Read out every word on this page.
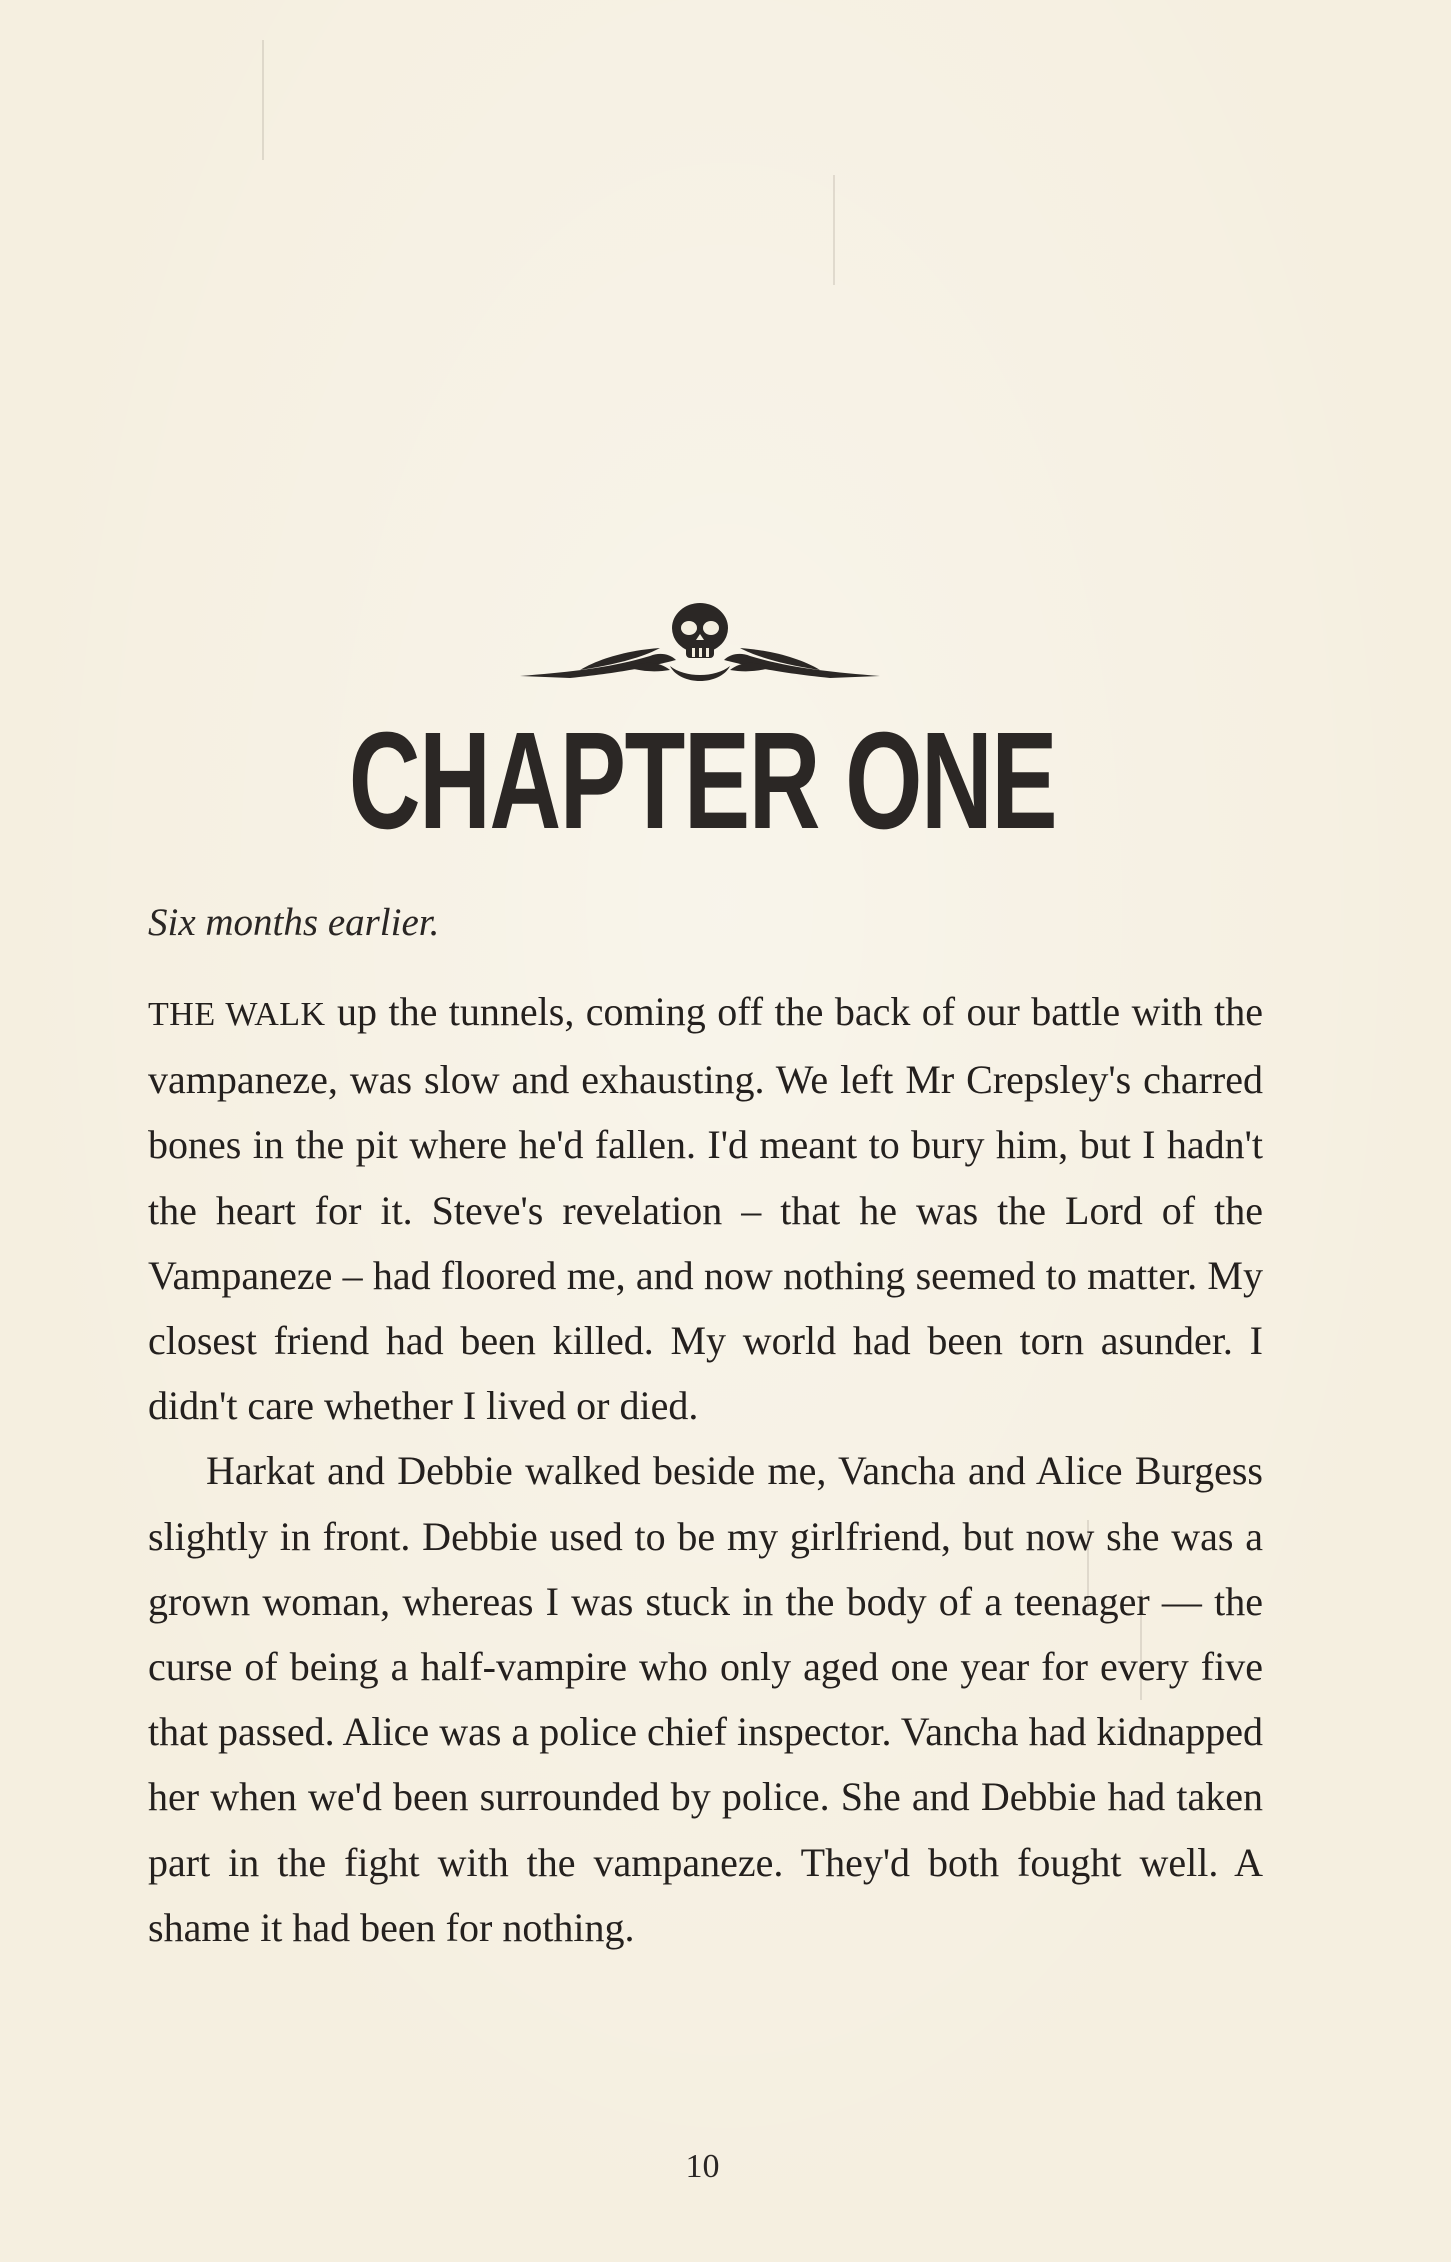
CHAPTER ONE
Six months earlier.

THE WALK up the tunnels, coming off the back of our battle with the vampaneze, was slow and exhausting. We left Mr Crepsley's charred bones in the pit where he'd fallen. I'd meant to bury him, but I hadn't the heart for it. Steve's revelation – that he was the Lord of the Vampaneze – had floored me, and now nothing seemed to matter. My closest friend had been killed. My world had been torn asunder. I didn't care whether I lived or died.

Harkat and Debbie walked beside me, Vancha and Alice Burgess slightly in front. Debbie used to be my girlfriend, but now she was a grown woman, whereas I was stuck in the body of a teenager — the curse of being a half-vampire who only aged one year for every five that passed. Alice was a police chief inspector. Vancha had kidnapped her when we'd been surrounded by police. She and Debbie had taken part in the fight with the vampaneze. They'd both fought well. A shame it had been for nothing.

10
